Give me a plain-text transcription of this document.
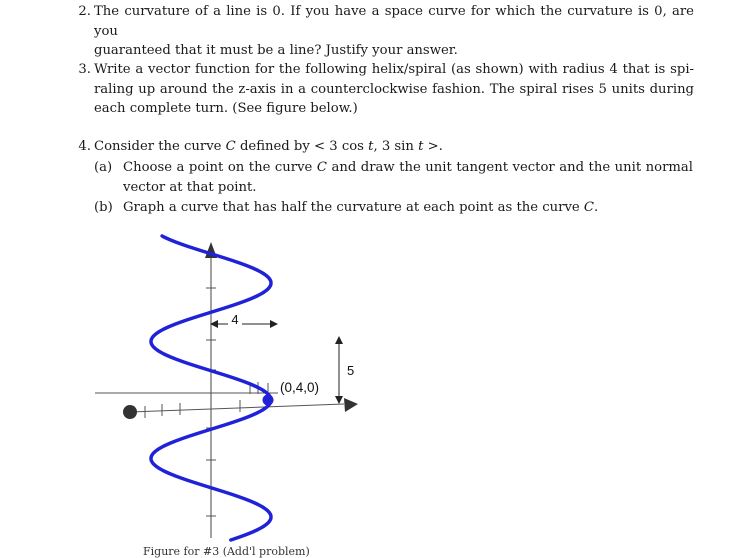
2. The curvature of a line is 0. If you have a space curve for which the curvature is 0, are you
guaranteed that it must be a line? Justify your answer.
3. Write a vector function for the following helix/spiral (as shown) with radius 4 that is spi-
raling up around the z-axis in a counterclockwise fashion. The spiral rises 5 units during
each complete turn. (See figure below.)
4. Consider the curve C defined by < 3 cos t, 3 sin t >.
(a) Choose a point on the curve C and draw the unit tangent vector and the unit normal
vector at that point.
(b) Graph a curve that has half the curvature at each point as the curve C.
4
5
(0,4,0)
Figure for #3 (Add'l problem)
